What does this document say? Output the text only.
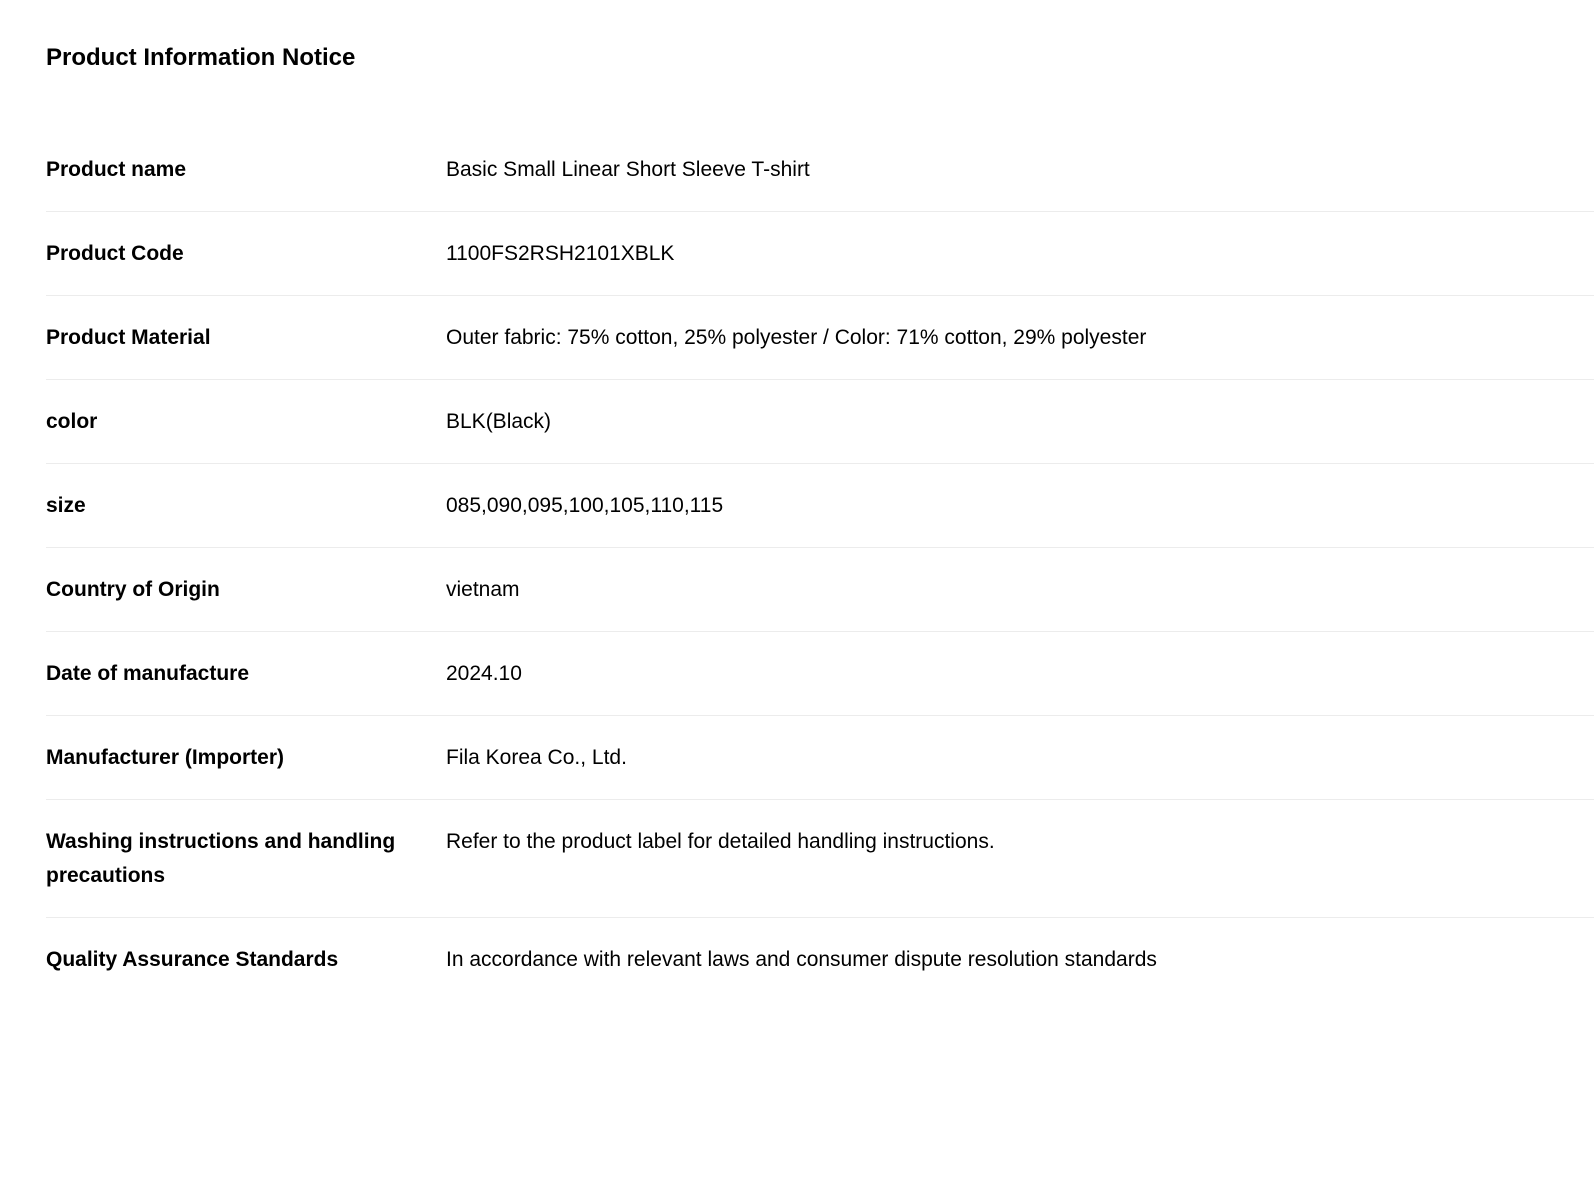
Product Information Notice
Product name	Basic Small Linear Short Sleeve T-shirt

Product Code	1100FS2RSH2101XBLK

Product Material	Outer fabric: 75% cotton, 25% polyester / Color: 71% cotton, 29% polyester

color	BLK(Black)

size	085,090,095,100,105,110,115

Country of Origin	vietnam

Date of manufacture	2024.10

Manufacturer (Importer)	Fila Korea Co., Ltd.

Washing instructions and handling precautions	Refer to the product label for detailed handling instructions.

Quality Assurance Standards	In accordance with relevant laws and consumer dispute resolution standards
